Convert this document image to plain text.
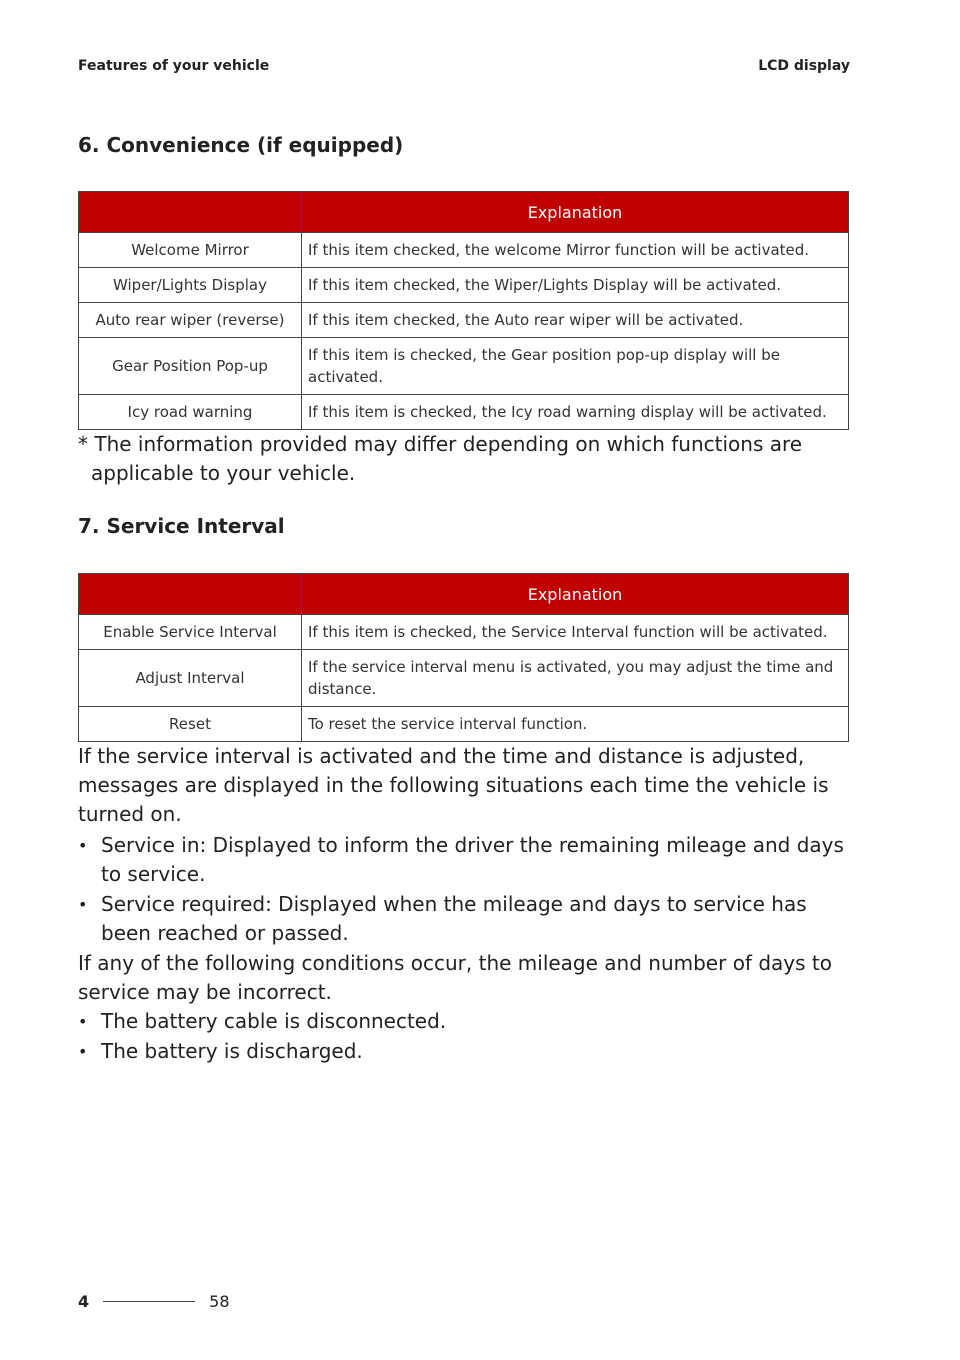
Features of your vehicle	LCD display
6. Convenience (if equipped)
	Explanation
Welcome Mirror	If this item checked, the welcome Mirror function will be activated.
Wiper/Lights Display	If this item checked, the Wiper/Lights Display will be activated.
Auto rear wiper (reverse)	If this item checked, the Auto rear wiper will be activated.
Gear Position Pop-up	If this item is checked, the Gear position pop-up display will be activated.
Icy road warning	If this item is checked, the Icy road warning display will be activated.
* The information provided may differ depending on which functions are applicable to your vehicle.
7. Service Interval
	Explanation
Enable Service Interval	If this item is checked, the Service Interval function will be activated.
Adjust Interval	If the service interval menu is activated, you may adjust the time and distance.
Reset	To reset the service interval function.

If the service interval is activated and the time and distance is adjusted, messages are displayed in the following situations each time the vehicle is turned on.

• Service in: Displayed to inform the driver the remaining mileage and days to service.
• Service required: Displayed when the mileage and days to service has been reached or passed.

If any of the following conditions occur, the mileage and number of days to service may be incorrect.

• The battery cable is disconnected.
• The battery is discharged.
4	58
